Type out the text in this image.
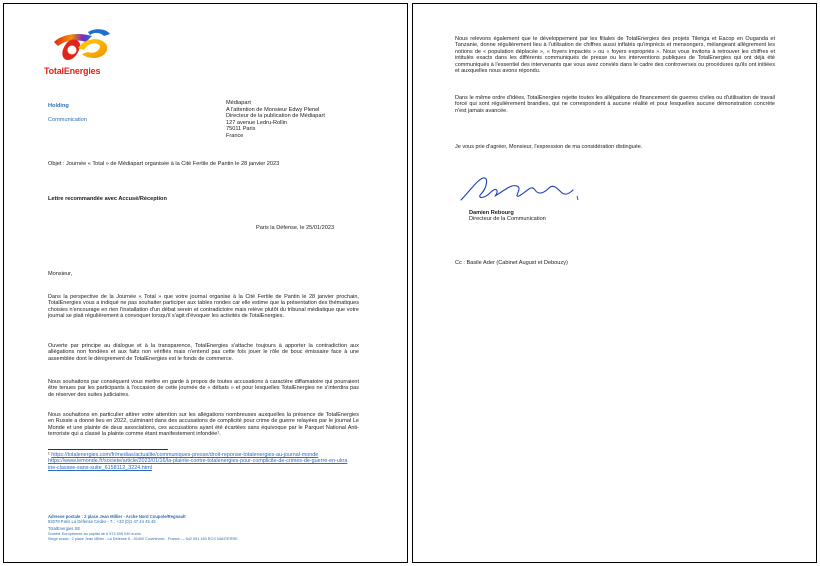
TotalEnergies
Holding
Communication
Médiapart
A l'attention de Monsieur Edwy Plenel
Directeur de la publication de Médiapart
127 avenue Ledru-Rollin
75011 Paris
France
Objet : Journée « Total » de Médiapart organisée à la Cité Fertile de Pantin le 28 janvier 2023
Lettre recommandée avec Accusé/Réception
Paris la Défense, le 25/01/2023
Monsieur,
Dans la perspective de la Journée « Total » que votre journal organise à la Cité Fertile de Pantin le 28 janvier prochain, TotalEnergies vous a indiqué ne pas souhaiter participer aux tables rondes car elle estime que la présentation des thématiques choisies n'encourage en rien l'installation d'un débat serein et contradictoire mais relève plutôt du tribunal médiatique que votre journal se plait régulièrement à convoquer lorsqu'il s'agit d'évoquer les activités de TotalEnergies.
Ouverte par principe au dialogue et à la transparence, TotalEnergies s'attache toujours à apporter la contradiction aux allégations non fondées et aux faits non vérifiés mais n'entend pas cette fois jouer le rôle de bouc émissaire face à une assemblée dont le dénigrement de TotalEnergies est le fonds de commerce.
Nous souhaitons par conséquent vous mettre en garde à propos de toutes accusations à caractère diffamatoire qui pourraient être tenues par les participants à l'occasion de cette journée de « débats » et pour lesquelles TotalEnergies ne s'interdira pas de réserver des suites judiciaires.
Nous souhaitons en particulier attirer votre attention sur les allégations nombreuses auxquelles la présence de TotalEnergies en Russie a donné lieu en 2022, culminant dans des accusations de complicité pour crime de guerre relayées par le journal Le Monde et une plainte de deux associations, ces accusations ayant été écartées sans équivoque par le Parquet National Anti-terroriste qui a classé la plainte comme étant manifestement infondée¹.
¹ https://totalenergies.com/fr/medias/actualite/communiques-presse/droit-reponse-totalenergies-au-journal-monde
https://www.lemonde.fr/societe/article/2023/01/16/la-plainte-contre-totalenergies-pour-complicite-de-crimes-de-guerre-en-ukraine-classee-sans-suite_6158112_3224.html
Adresse postale : 2 place Jean Millier - Arche Nord Coupole/Regnault
92078 Paris La Défense Cedex - T. : +33 (0)1 47 44 45 46
TotalEnergies SE
Société Européenne au capital de 6 574 599 040 euros
Siège social : 2 place Jean Millier - La Défense 6 - 92400 Courbevoie - France — 542 051 180 RCS NANTERRE
Nous relevons également que le développement par les filiales de TotalEnergies des projets Tilenga et Eacop en Ouganda et Tanzanie, donne régulièrement lieu à l'utilisation de chiffres aussi inflatés qu'imprécis et mensongers, mélangeant allègrement les notions de « population déplacée », « foyers impactés » ou « foyers expropriés ». Nous vous invitons à retrouver les chiffres et intitulés exacts dans les différents communiqués de presse ou les interventions publiques de TotalEnergies qui ont déjà été communiqués à l'essentiel des intervenants que vous avez conviés dans le cadre des controverses ou procédures qu'ils ont initiées et auxquelles nous avons répondu.
Dans le même ordre d'idées, TotalEnergies rejette toutes les allégations de financement de guerres civiles ou d'utilisation de travail forcé qui sont régulièrement brandies, qui ne correspondent à aucune réalité et pour lesquelles aucune démonstration concrète n'est jamais avancée.
Je vous prie d'agréer, Monsieur, l'expression de ma considération distinguée.
Damien Rebourg
Directeur de la Communication
Cc : Basile Ader (Cabinet August et Debouzy)
